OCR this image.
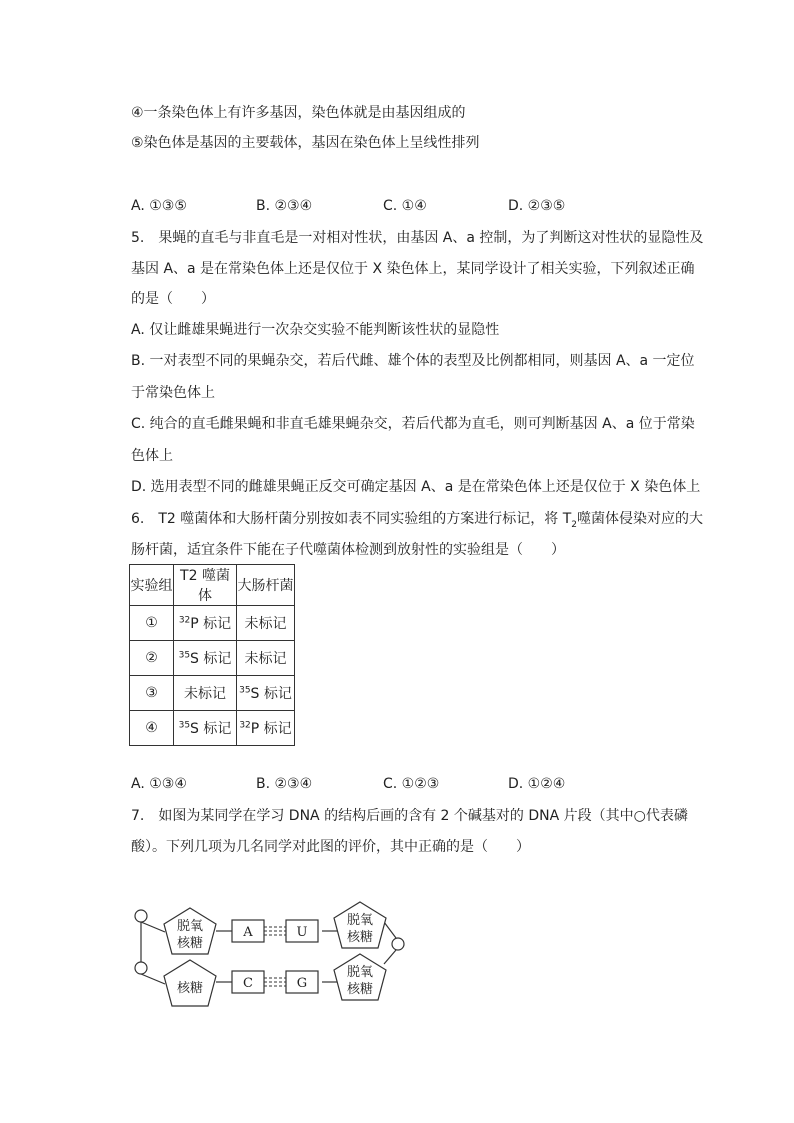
④一条染色体上有许多基因，染色体就是由基因组成的
⑤染色体是基因的主要载体，基因在染色体上呈线性排列
A. ①③⑤	B. ②③④	C. ①④	D. ②③⑤
5.　果蝇的直毛与非直毛是一对相对性状，由基因 A、a 控制，为了判断这对性状的显隐性及
基因 A、a 是在常染色体上还是仅位于 X 染色体上，某同学设计了相关实验，下列叙述正确
的是（　　）
A. 仅让雌雄果蝇进行一次杂交实验不能判断该性状的显隐性
B. 一对表型不同的果蝇杂交，若后代雌、雄个体的表型及比例都相同，则基因 A、a 一定位
于常染色体上
C. 纯合的直毛雌果蝇和非直毛雄果蝇杂交，若后代都为直毛，则可判断基因 A、a 位于常染
色体上
D. 选用表型不同的雌雄果蝇正反交可确定基因 A、a 是在常染色体上还是仅位于 X 染色体上
6.　T2 噬菌体和大肠杆菌分别按如表不同实验组的方案进行标记，将 $T_2$噬菌体侵染对应的大
肠杆菌，适宜条件下能在子代噬菌体检测到放射性的实验组是（　　）
实验组	T2 噬菌体	大肠杆菌
①	$^{32}$P 标记	未标记
②	$^{35}$S 标记	未标记
③	未标记	$^{35}$S 标记
④	$^{35}$S 标记	$^{32}$P 标记
A. ①③④	B. ②③④	C. ①②③	D. ①②④
7.　如图为某同学在学习 DNA 的结构后画的含有 2 个碱基对的 DNA 片段（其中○代表磷
酸）。下列几项为几名同学对此图的评价，其中正确的是（　　）
脱氧
核糖
A	U
脱氧
核糖
核糖	C	G
脱氧
核糖
